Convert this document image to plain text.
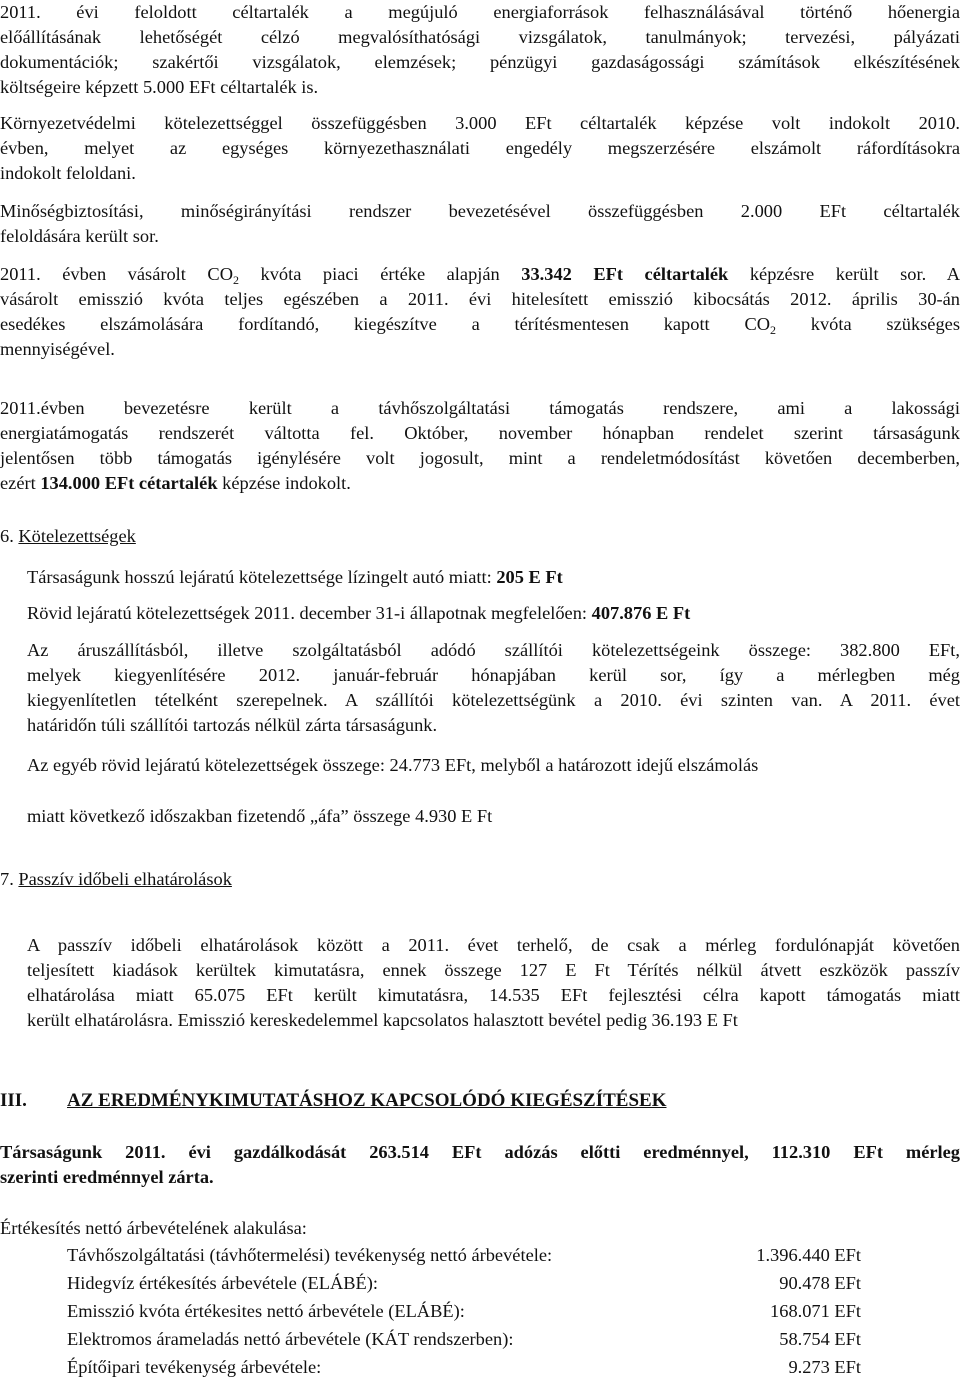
2011. évi feloldott céltartalék a megújuló energiaforrások felhasználásával történő hőenergia
előállításának lehetőségét célzó megvalósíthatósági vizsgálatok, tanulmányok; tervezési, pályázati
dokumentációk; szakértői vizsgálatok, elemzések; pénzügyi gazdaságossági számítások elkészítésének
költségeire képzett 5.000 EFt céltartalék is.
Környezetvédelmi kötelezettséggel összefüggésben 3.000 EFt céltartalék képzése volt indokolt 2010.
évben, melyet az egységes környezethasználati engedély megszerzésére elszámolt ráfordításokra
indokolt feloldani.
Minőségbiztosítási, minőségirányítási rendszer bevezetésével összefüggésben 2.000 EFt céltartalék
feloldására került sor.
2011. évben vásárolt $CO_2$ kvóta piaci értéke alapján 33.342 EFt céltartalék képzésre került sor. A
vásárolt emisszió kvóta teljes egészében a 2011. évi hitelesített emisszió kibocsátás 2012. április 30-án
esedékes elszámolására fordítandó, kiegészítve a térítésmentesen kapott $CO_2$ kvóta szükséges
mennyiségével.
2011.évben bevezetésre került a távhőszolgáltatási támogatás rendszere, ami a lakossági
energiatámogatás rendszerét váltotta fel. Október, november hónapban rendelet szerint társaságunk
jelentősen több támogatás igénylésére volt jogosult, mint a rendeletmódosítást követően decemberben,
ezért 134.000 EFt cétartalék képzése indokolt.
6. Kötelezettségek
Társaságunk hosszú lejáratú kötelezettsége lízingelt autó miatt: 205 E Ft
Rövid lejáratú kötelezettségek 2011. december 31-i állapotnak megfelelően: 407.876 E Ft
Az áruszállításból, illetve szolgáltatásból adódó szállítói kötelezettségeink összege: 382.800 EFt,
melyek kiegyenlítésére 2012. január-február hónapjában kerül sor, így a mérlegben még
kiegyenlítetlen tételként szerepelnek. A szállítói kötelezettségünk a 2010. évi szinten van. A 2011. évet
határidőn túli szállítói tartozás nélkül zárta társaságunk.
Az egyéb rövid lejáratú kötelezettségek összege: 24.773 EFt, melyből a határozott idejű elszámolás
miatt következő időszakban fizetendő „áfa” összege 4.930 E Ft
7. Passzív időbeli elhatárolások
A passzív időbeli elhatárolások között a 2011. évet terhelő, de csak a mérleg fordulónapját követően
teljesített kiadások kerültek kimutatásra, ennek összege 127 E Ft Térítés nélkül átvett eszközök passzív
elhatárolása miatt 65.075 EFt került kimutatásra, 14.535 EFt fejlesztési célra kapott támogatás miatt
került elhatárolásra. Emisszió kereskedelemmel kapcsolatos halasztott bevétel pedig 36.193 E Ft
III. AZ EREDMÉNYKIMUTATÁSHOZ KAPCSOLÓDÓ KIEGÉSZÍTÉSEK
Társaságunk 2011. évi gazdálkodását 263.514 EFt adózás előtti eredménnyel, 112.310 EFt mérleg
szerinti eredménnyel zárta.
Értékesítés nettó árbevételének alakulása:
Távhőszolgáltatási (távhőtermelési) tevékenység nettó árbevétele:	1.396.440 EFt
Hidegvíz értékesítés árbevétele (ELÁBÉ):	90.478 EFt
Emisszió kvóta értékesites nettó árbevétele (ELÁBÉ):	168.071 EFt
Elektromos árameladás nettó árbevétele (KÁT rendszerben):	58.754 EFt
Építőipari tevékenység árbevétele:	9.273 EFt
